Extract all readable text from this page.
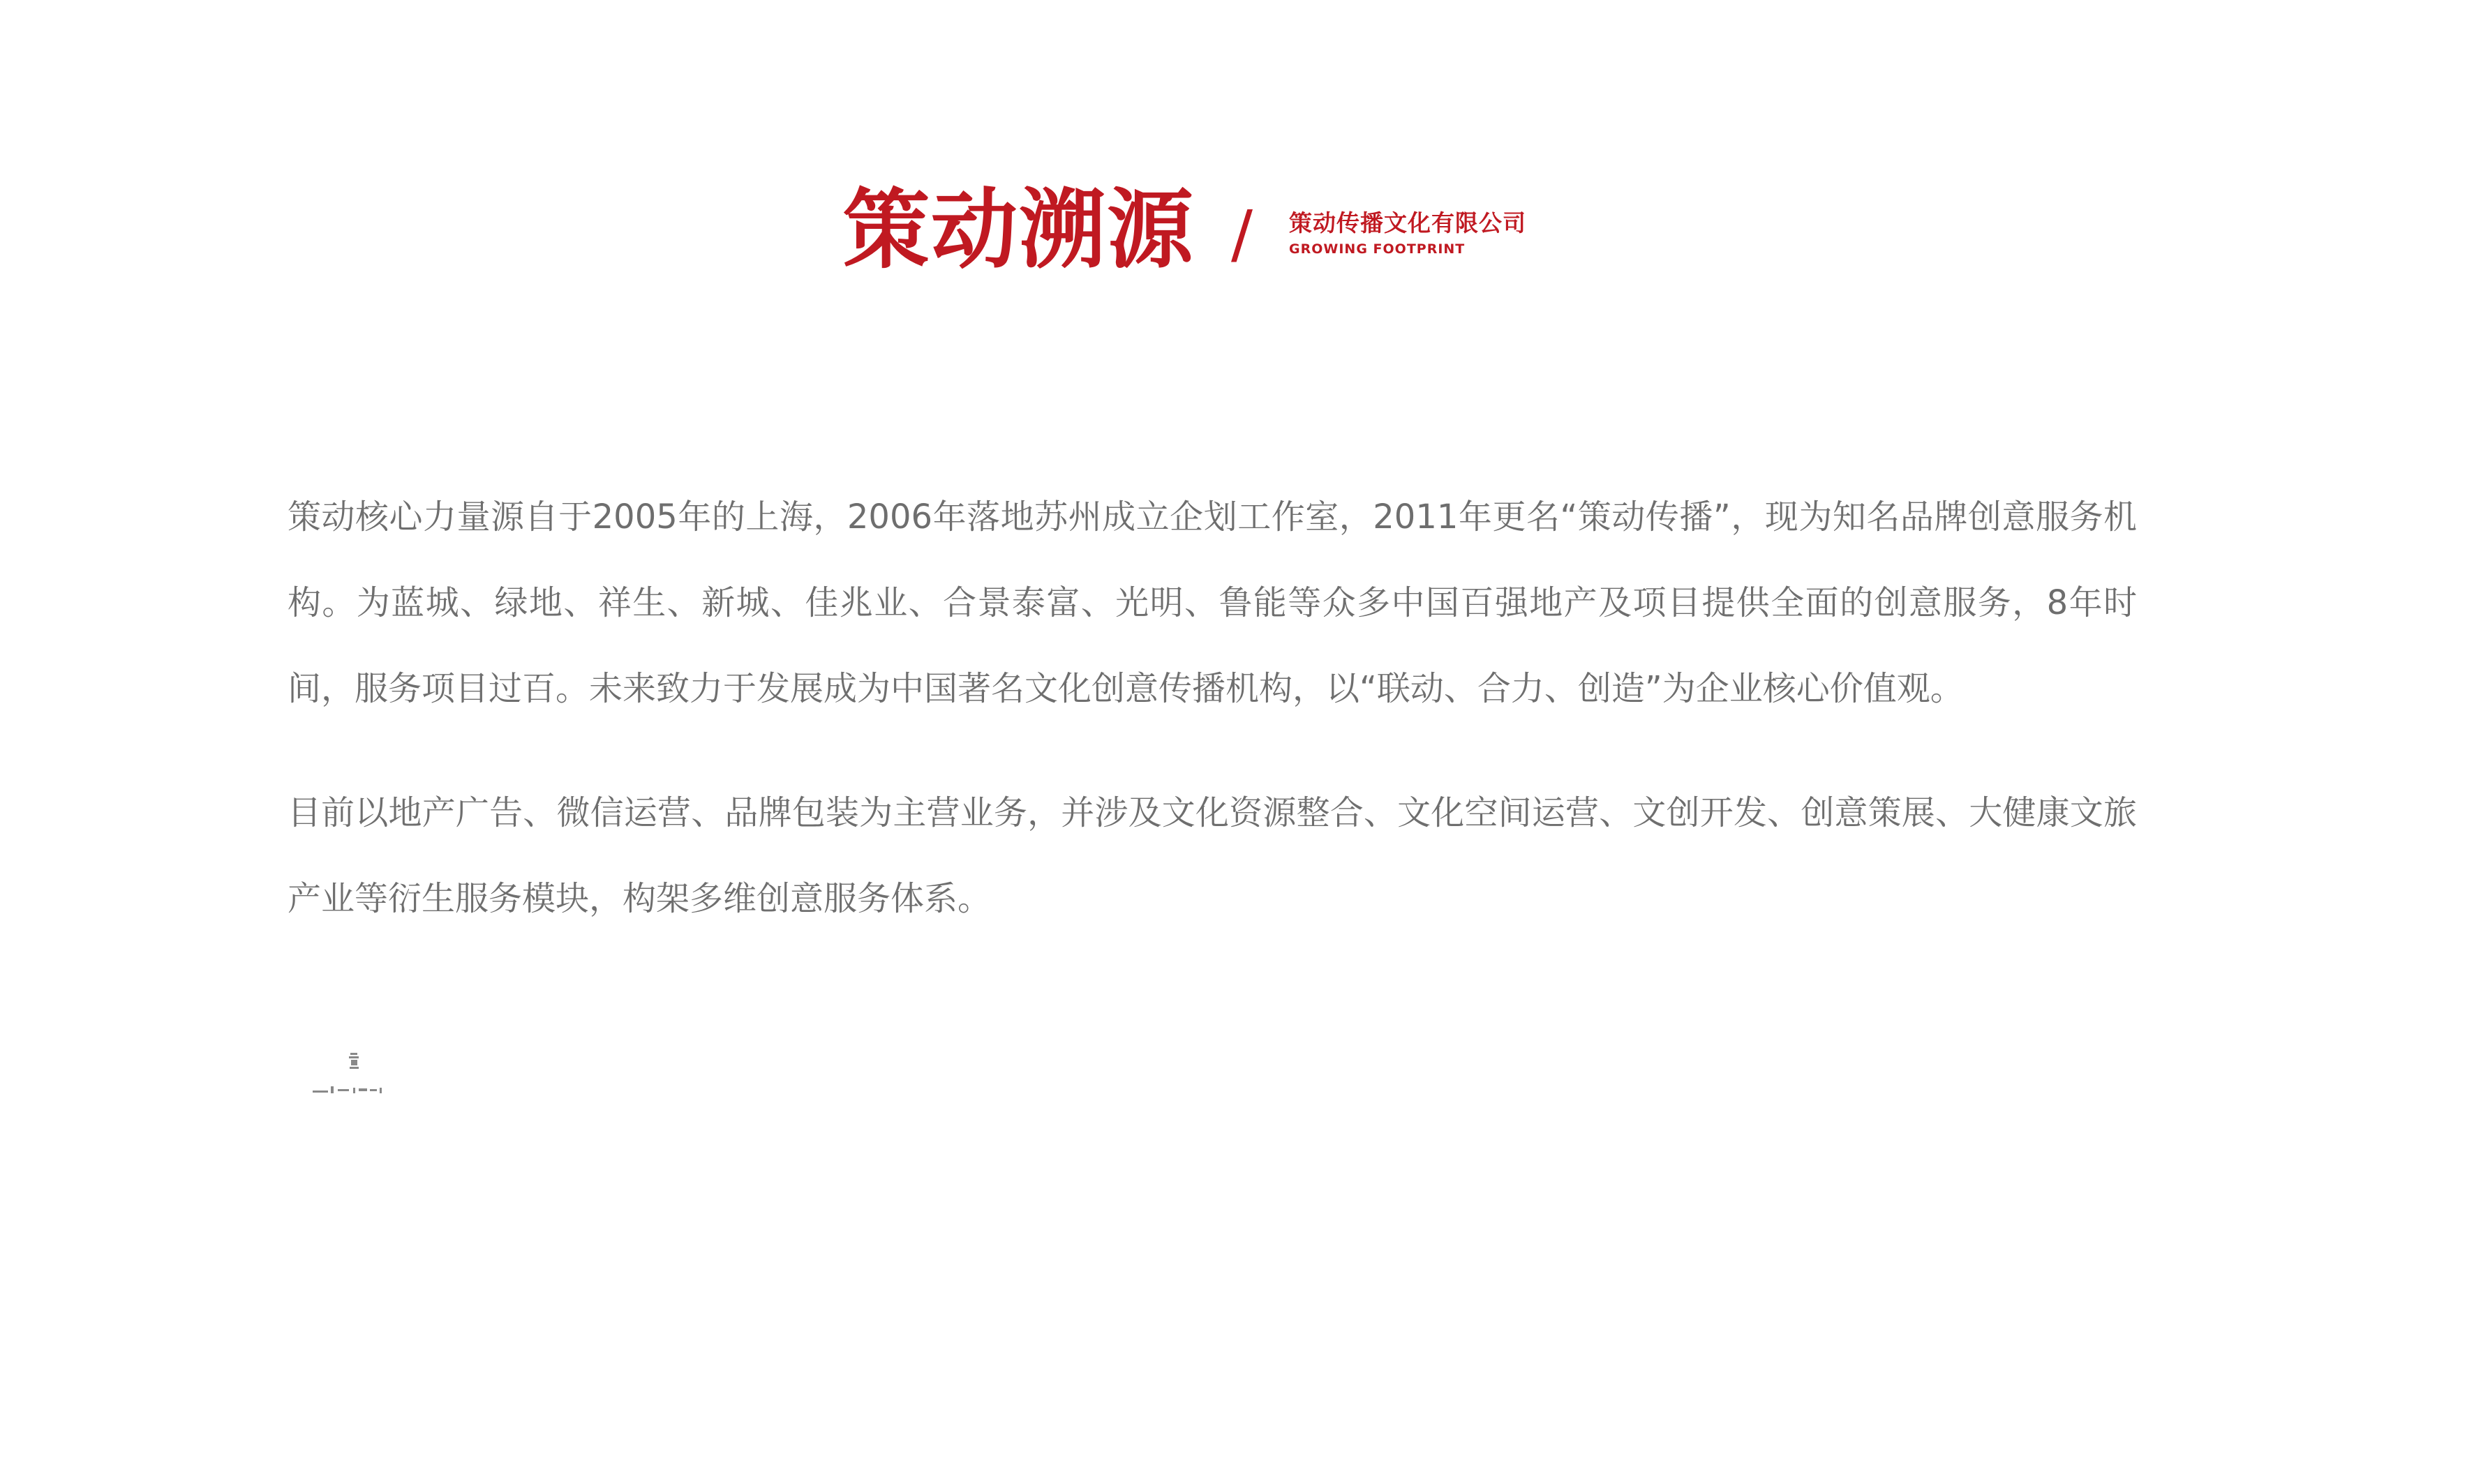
策动溯源 / 策动传播文化有限公司
GROWING FOOTPRINT

策动核心力量源自于2005年的上海，2006年落地苏州成立企划工作室，2011年更名“策动传播”，现为知名品牌创意服务机构。为蓝城、绿地、祥生、新城、佳兆业、合景泰富、光明、鲁能等众多中国百强地产及项目提供全面的创意服务，8年时间，服务项目过百。未来致力于发展成为中国著名文化创意传播机构，以“联动、合力、创造”为企业核心价值观。

目前以地产广告、微信运营、品牌包装为主营业务，并涉及文化资源整合、文化空间运营、文创开发、创意策展、大健康文旅产业等衍生服务模块，构架多维创意服务体系。
